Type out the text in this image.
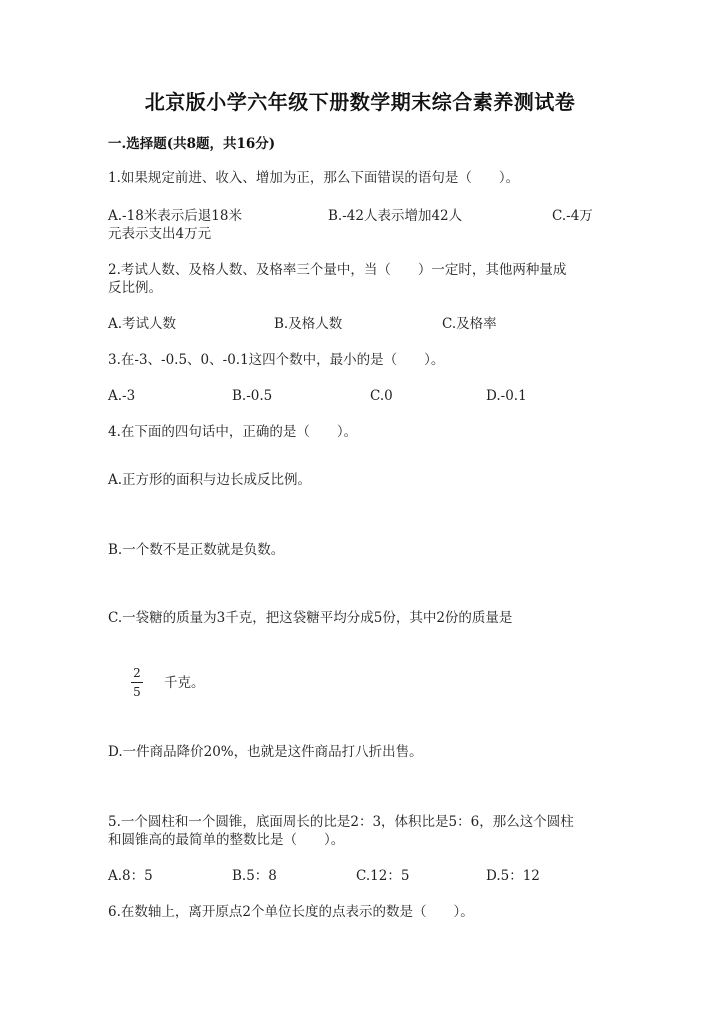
北京版小学六年级下册数学期末综合素养测试卷
一.选择题(共8题，共16分)
1.如果规定前进、收入、增加为正，那么下面错误的语句是（　　）。
A.-18米表示后退18米	B.-42人表示增加42人	C.-4万
元表示支出4万元
2.考试人数、及格人数、及格率三个量中，当（　　）一定时，其他两种量成
反比例。
A.考试人数	B.及格人数	C.及格率
3.在-3、-0.5、0、-0.1这四个数中，最小的是（　　）。
A.-3	B.-0.5	C.0	D.-0.1
4.在下面的四句话中，正确的是（　　）。
A.正方形的面积与边长成反比例。
B.一个数不是正数就是负数。
C.一袋糖的质量为3千克，把这袋糖平均分成5份，其中2份的质量是
2
5
千克。
D.一件商品降价20%，也就是这件商品打八折出售。
5.一个圆柱和一个圆锥，底面周长的比是2：3，体积比是5：6，那么这个圆柱
和圆锥高的最简单的整数比是（　　）。
A.8：5	B.5：8	C.12：5	D.5：12
6.在数轴上，离开原点2个单位长度的点表示的数是（　　）。
